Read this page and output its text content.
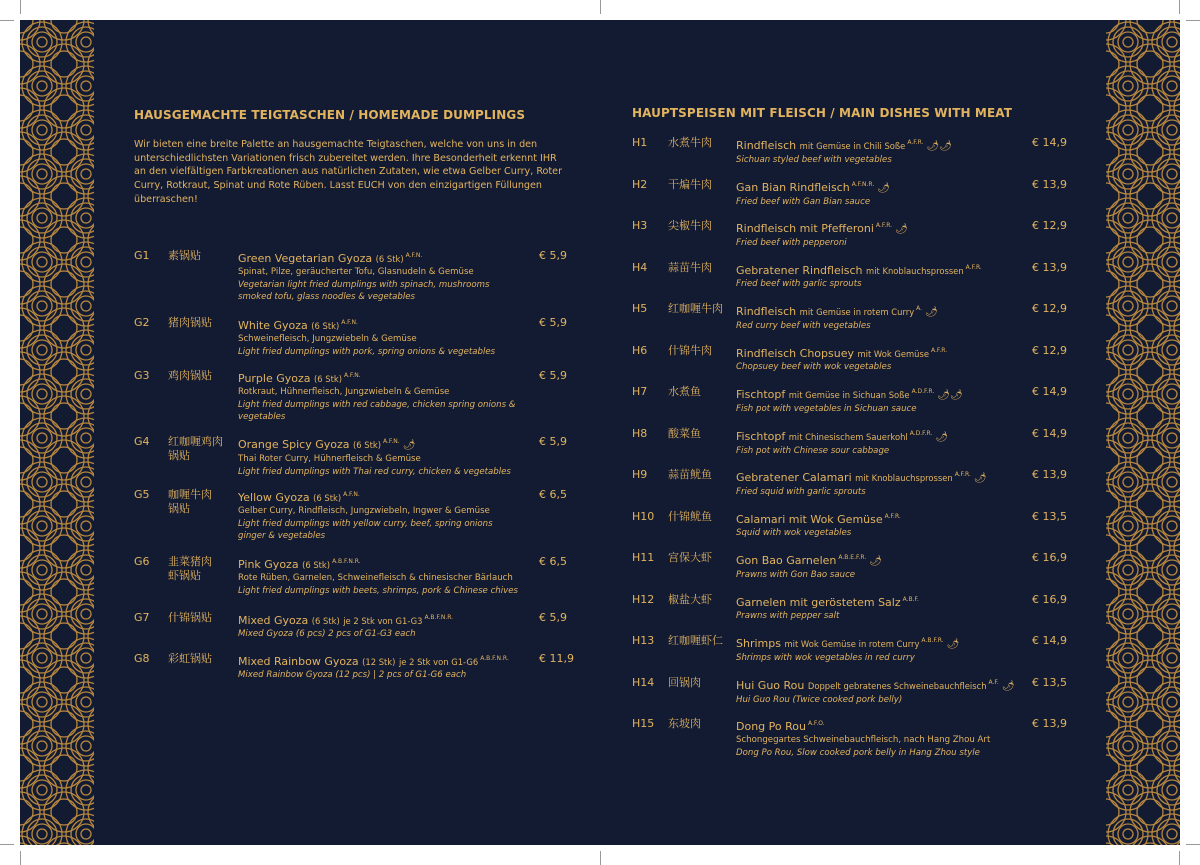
HAUSGEMACHTE TEIGTASCHEN / HOMEMADE DUMPLINGS

Wir bieten eine breite Palette an hausgemachte Teigtaschen, welche von uns in den unterschiedlichsten Variationen frisch zubereitet werden. Ihre Besonderheit erkennt IHR an den vielfältigen Farbkreationen aus natürlichen Zutaten, wie etwa Gelber Curry, Roter Curry, Rotkraut, Spinat und Rote Rüben. Lasst EUCH von den einzigartigen Füllungen überraschen!

G1 素锅贴	Green Vegetarian Gyoza (6 Stk) $^{A.F.N.}$
Spinat, Pilze, geräucherter Tofu, Glasnudeln & Gemüse
Vegetarian light fried dumplings with spinach, mushrooms smoked tofu, glass noodles & vegetables
€ 5,9
G2 猪肉锅贴 White Gyoza (6 Stk) $^{A.F.N.}$
Schweinefleisch, Jungzwiebeln & Gemüse
Light fried dumplings with pork, spring onions & vegetables
€ 5,9
G3 鸡肉锅贴 Purple Gyoza (6 Stk) $^{A.F.N.}$
Rotkraut, Hühnerfleisch, Jungzwiebeln & Gemüse
Light fried dumplings with red cabbage, chicken spring onions & vegetables
€ 5,9
G4 红咖喱鸡肉
锅贴
Orange Spicy Gyoza (6 Stk) $^{A.F.N.}$ 🌶
Thai Roter Curry, Hühnerfleisch & Gemüse
Light fried dumplings with Thai red curry, chicken & vegetables
€ 5,9
G5 咖喱牛肉
锅贴
Yellow Gyoza (6 Stk) $^{A.F.N.}$
Gelber Curry, Rindfleisch, Jungzwiebeln, Ingwer & Gemüse
Light fried dumplings with yellow curry, beef, spring onions ginger & vegetables
€ 6,5
G6 韭菜猪肉
虾锅贴
Pink Gyoza (6 Stk) $^{A.B.F.N.R.}$
Rote Rüben, Garnelen, Schweinefleisch & chinesischer Bärlauch
Light fried dumplings with beets, shrimps, pork & Chinese chives
€ 6,5
G7 什锦锅贴 Mixed Gyoza (6 Stk) je 2 Stk von G1-G3 $^{A.B.F.N.R.}$
Mixed Gyoza (6 pcs) 2 pcs of G1-G3 each
€ 5,9
G8 彩虹锅贴 Mixed Rainbow Gyoza (12 Stk) je 2 Stk von G1-G6 $^{A.B.F.N.R.}$
Mixed Rainbow Gyoza (12 pcs) | 2 pcs of G1-G6 each
€ 11,9
HAUPTSPEISEN MIT FLEISCH / MAIN DISHES WITH MEAT
H1 水煮牛肉 Rindfleisch mit Gemüse in Chili Soße $^{A.F.R.}$ 🌶🌶
Sichuan styled beef with vegetables
€ 14,9
H2 干煸牛肉 Gan Bian Rindfleisch $^{A.F.N.R.}$ 🌶
Fried beef with Gan Bian sauce
€ 13,9
H3 尖椒牛肉 Rindfleisch mit Pfefferoni $^{A.F.R.}$ 🌶
Fried beef with pepperoni
€ 12,9
H4 蒜苗牛肉 Gebratener Rindfleisch mit Knoblauchsprossen $^{A.F.R.}$
Fried beef with garlic sprouts
€ 13,9
H5 红咖喱牛肉 Rindfleisch mit Gemüse in rotem Curry $^{A.}$ 🌶
Red curry beef with vegetables
€ 12,9
H6 什锦牛肉 Rindfleisch Chopsuey mit Wok Gemüse $^{A.F.R.}$
Chopsuey beef with wok vegetables
€ 12,9
H7 水煮鱼	Fischtopf mit Gemüse in Sichuan Soße $^{A.D.F.R.}$ 🌶🌶
Fish pot with vegetables in Sichuan sauce
€ 14,9
H8 酸菜鱼	Fischtopf mit Chinesischem Sauerkohl $^{A.D.F.R.}$ 🌶
Fish pot with Chinese sour cabbage
€ 14,9
H9 蒜苗鱿鱼 Gebratener Calamari mit Knoblauchsprossen $^{A.F.R.}$ 🌶
Fried squid with garlic sprouts
€ 13,9
H10 什锦鱿鱼 Calamari mit Wok Gemüse $^{A.F.R.}$
Squid with wok vegetables
€ 13,5
H11 宫保大虾 Gon Bao Garnelen $^{A.B.E.F.R.}$ 🌶
Prawns with Gon Bao sauce
€ 16,9
H12 椒盐大虾 Garnelen mit geröstetem Salz $^{A.B.F.}$
Prawns with pepper salt
€ 16,9
H13 红咖喱虾仁 Shrimps mit Wok Gemüse in rotem Curry $^{A.B.F.R.}$ 🌶
Shrimps with wok vegetables in red curry
€ 14,9
H14 回锅肉	Hui Guo Rou Doppelt gebratenes Schweinebauchfleisch $^{A.F.}$ 🌶
Hui Guo Rou (Twice cooked pork belly)
€ 13,5
H15 东坡肉	Dong Po Rou $^{A.F.O.}$
Schongegartes Schweinebauchfleisch, nach Hang Zhou Art
Dong Po Rou, Slow cooked pork belly in Hang Zhou style
€ 13,9
